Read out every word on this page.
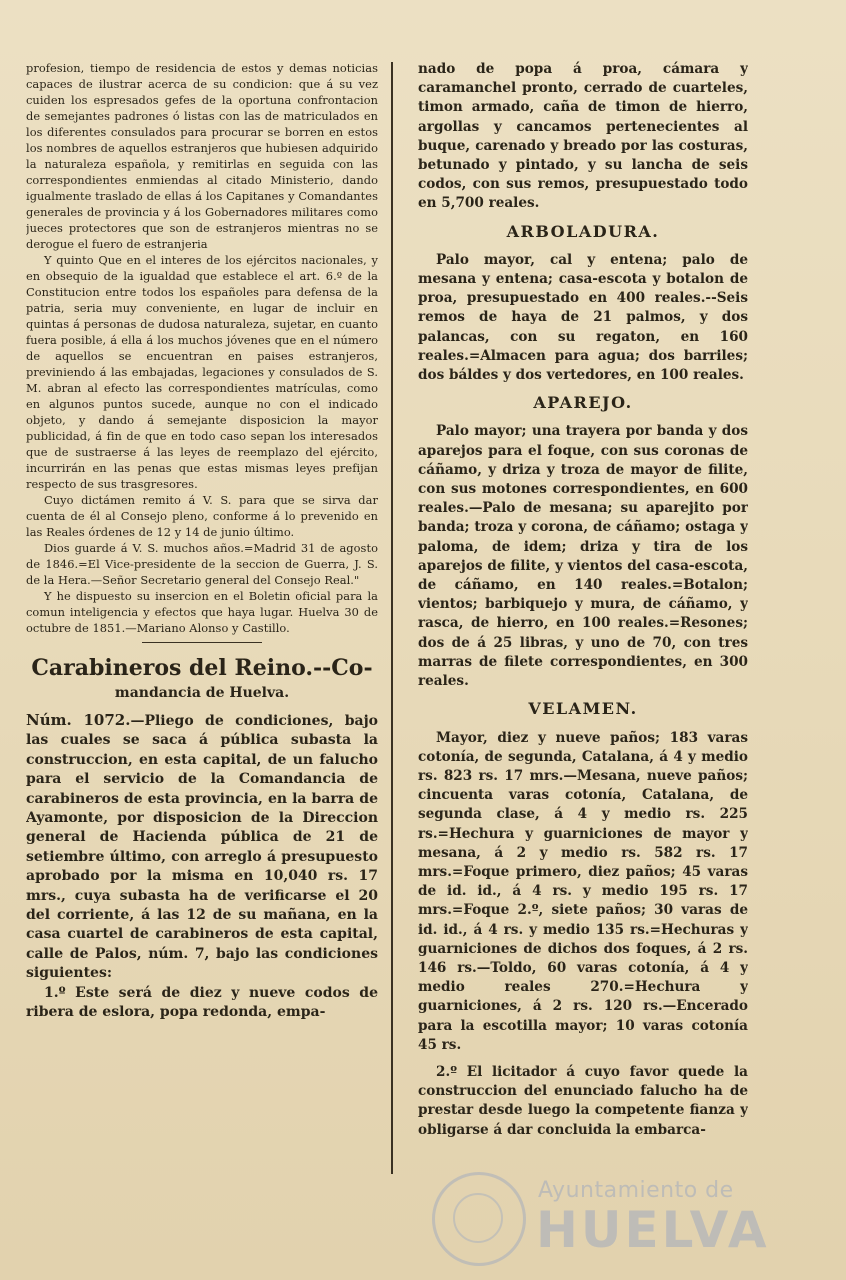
profesion, tiempo de residencia de estos y demas noticias capaces de ilustrar acerca de su condicion: que á su vez cuiden los espresados gefes de la oportuna confrontacion de semejantes padrones ó listas con las de matriculados en los diferentes consulados para procurar se borren en estos los nombres de aquellos estranjeros que hubiesen adquirido la naturaleza española, y remitirlas en seguida con las correspondientes enmiendas al citado Ministerio, dando igualmente traslado de ellas á los Capitanes y Comandantes generales de provincia y á los Gobernadores militares como jueces protectores que son de estranjeros mientras no se derogue el fuero de estranjeria

Y quinto Que en el interes de los ejércitos nacionales, y en obsequio de la igualdad que establece el art. 6.º de la Constitucion entre todos los españoles para defensa de la patria, seria muy conveniente, en lugar de incluir en quintas á personas de dudosa naturaleza, sujetar, en cuanto fuera posible, á ella á los muchos jóvenes que en el número de aquellos se encuentran en paises estranjeros, previniendo á las embajadas, legaciones y consulados de S. M. abran al efecto las correspondientes matrículas, como en algunos puntos sucede, aunque no con el indicado objeto, y dando á semejante disposicion la mayor publicidad, á fin de que en todo caso sepan los interesados que de sustraerse á las leyes de reemplazo del ejército, incurrirán en las penas que estas mismas leyes prefijan respecto de sus trasgresores.

Cuyo dictámen remito á V. S. para que se sirva dar cuenta de él al Consejo pleno, conforme á lo prevenido en las Reales órdenes de 12 y 14 de junio último.

Dios guarde á V. S. muchos años.=Madrid 31 de agosto de 1846.=El Vice-presidente de la seccion de Guerra, J. S. de la Hera.—Señor Secretario general del Consejo Real."

Y he dispuesto su insercion en el Boletin oficial para la comun inteligencia y efectos que haya lugar. Huelva 30 de octubre de 1851.—Mariano Alonso y Castillo.

Carabineros del Reino.--Co-
mandancia de Huelva.

Núm. 1072.—Pliego de condiciones, bajo las cuales se saca á pública subasta la construccion, en esta capital, de un falucho para el servicio de la Comandancia de carabineros de esta provincia, en la barra de Ayamonte, por disposicion de la Direccion general de Hacienda pública de 21 de setiembre último, con arreglo á presupuesto aprobado por la misma en 10,040 rs. 17 mrs., cuya subasta ha de verificarse el 20 del corriente, á las 12 de su mañana, en la casa cuartel de carabineros de esta capital, calle de Palos, núm. 7, bajo las condiciones siguientes:

1.º Este será de diez y nueve codos de ribera de eslora, popa redonda, empa-

nado de popa á proa, cámara y caramanchel pronto, cerrado de cuarteles, timon armado, caña de timon de hierro, argollas y cancamos pertenecientes al buque, carenado y breado por las costuras, betunado y pintado, y su lancha de seis codos, con sus remos, presupuestado todo en 5,700 reales.

ARBOLADURA.

Palo mayor, cal y entena; palo de mesana y entena; casa-escota y botalon de proa, presupuestado en 400 reales.--Seis remos de haya de 21 palmos, y dos palancas, con su regaton, en 160 reales.=Almacen para agua; dos barriles; dos báldes y dos vertedores, en 100 reales.

APAREJO.

Palo mayor; una trayera por banda y dos aparejos para el foque, con sus coronas de cáñamo, y driza y troza de mayor de filite, con sus motones correspondientes, en 600 reales.—Palo de mesana; su aparejito por banda; troza y corona, de cáñamo; ostaga y paloma, de idem; driza y tira de los aparejos de filite, y vientos del casa-escota, de cáñamo, en 140 reales.=Botalon; vientos; barbiquejo y mura, de cáñamo, y rasca, de hierro, en 100 reales.=Resones; dos de á 25 libras, y uno de 70, con tres marras de filete correspondientes, en 300 reales.

VELAMEN.

Mayor, diez y nueve paños; 183 varas cotonía, de segunda, Catalana, á 4 y medio rs. 823 rs. 17 mrs.—Mesana, nueve paños; cincuenta varas cotonía, Catalana, de segunda clase, á 4 y medio rs. 225 rs.=Hechura y guarniciones de mayor y mesana, á 2 y medio rs. 582 rs. 17 mrs.=Foque primero, diez paños; 45 varas de id. id., á 4 rs. y medio 195 rs. 17 mrs.=Foque 2.º, siete paños; 30 varas de id. id., á 4 rs. y medio 135 rs.=Hechuras y guarniciones de dichos dos foques, á 2 rs. 146 rs.—Toldo, 60 varas cotonía, á 4 y medio reales 270.=Hechura y guarniciones, á 2 rs. 120 rs.—Encerado para la escotilla mayor; 10 varas cotonía 45 rs.

2.º El licitador á cuyo favor quede la construccion del enunciado falucho ha de prestar desde luego la competente fianza y obligarse á dar concluida la embarca-

Ayuntamiento de
HUELVA
